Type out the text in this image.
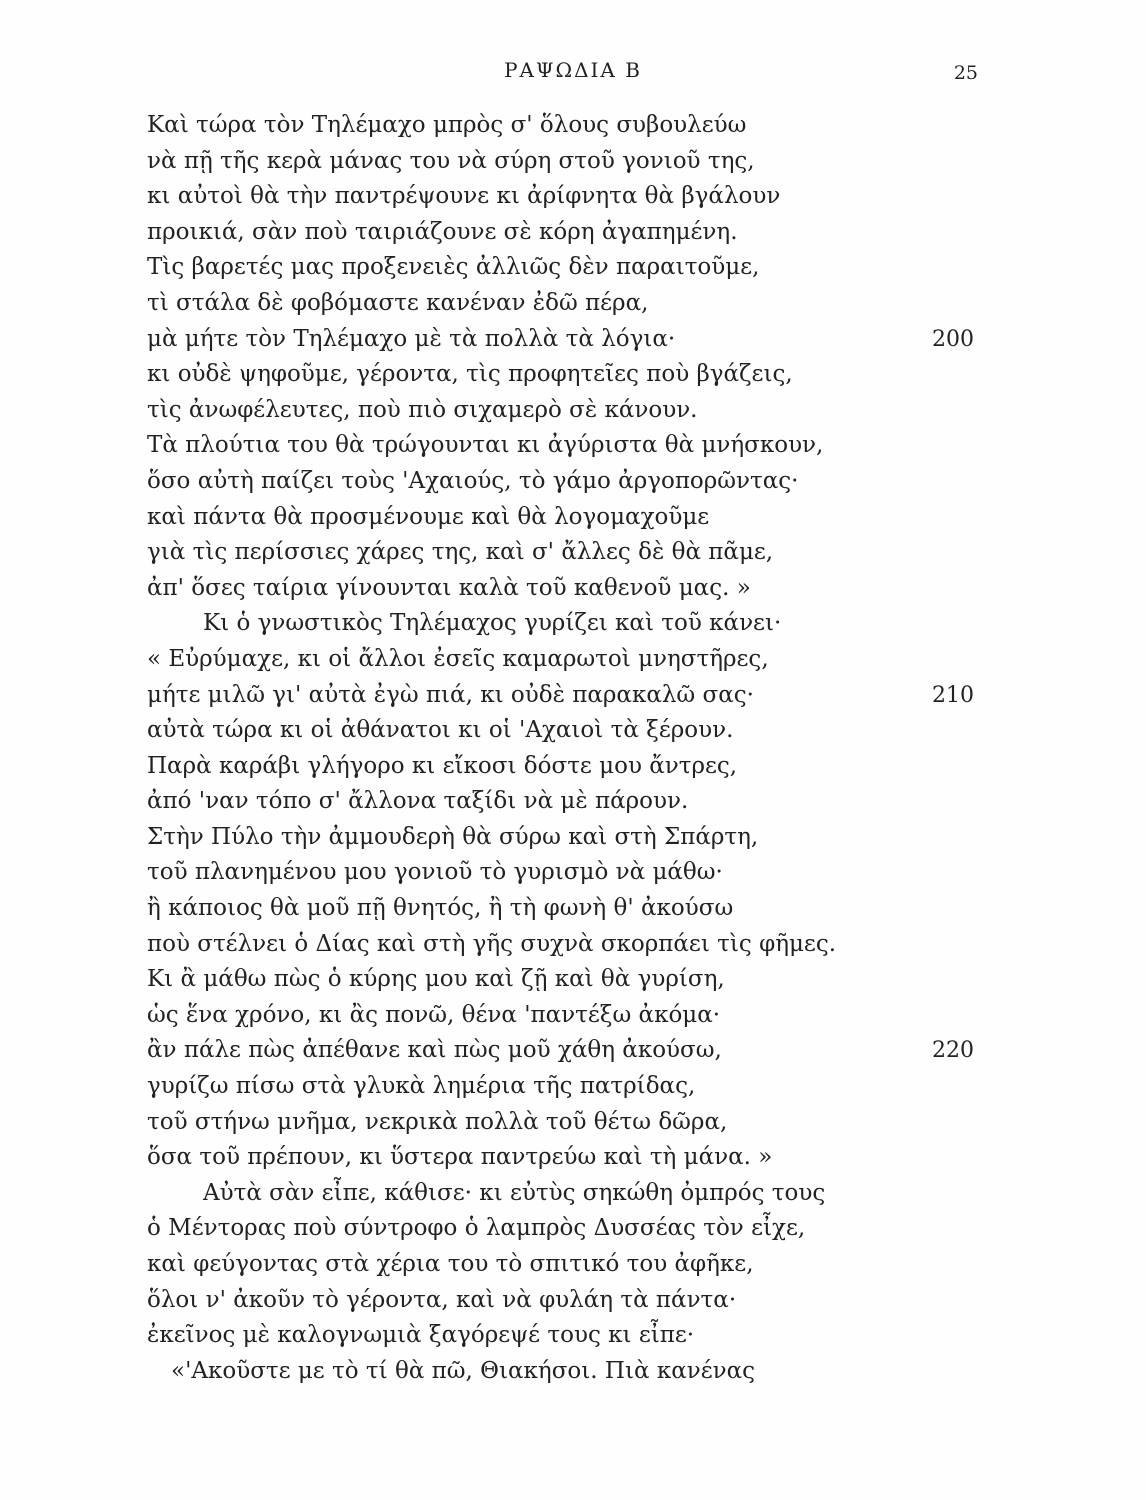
ΡΑΨΩΔΙΑ Β	25
Καὶ τώρα τὸν Τηλέμαχο μπρὸς σ' ὅλους συβουλεύω
νὰ πῇ τῆς κερὰ μάνας του νὰ σύρη στοῦ γονιοῦ της,
κι αὐτοὶ θὰ τὴν παντρέψουνε κι ἀρίφνητα θὰ βγάλουν
προικιά, σὰν ποὺ ταιριάζουνε σὲ κόρη ἀγαπημένη.
Τὶς βαρετές μας προξενειὲς ἀλλιῶς δὲν παραιτοῦμε,
τὶ στάλα δὲ φοβόμαστε κανέναν ἐδῶ πέρα,
μὰ μήτε τὸν Τηλέμαχο μὲ τὰ πολλὰ τὰ λόγια·	200
κι οὐδὲ ψηφοῦμε, γέροντα, τὶς προφητεῖες ποὺ βγάζεις,
τὶς ἀνωφέλευτες, ποὺ πιὸ σιχαμερὸ σὲ κάνουν.
Τὰ πλούτια του θὰ τρώγουνται κι ἀγύριστα θὰ μνήσκουν,
ὅσο αὐτὴ παίζει τοὺς 'Αχαιούς, τὸ γάμο ἀργοπορῶντας·
καὶ πάντα θὰ προσμένουμε καὶ θὰ λογομαχοῦμε
γιὰ τὶς περίσσιες χάρες της, καὶ σ' ἄλλες δὲ θὰ πᾶμε,
ἀπ' ὅσες ταίρια γίνουνται καλὰ τοῦ καθενοῦ μας. »
Κι ὁ γνωστικὸς Τηλέμαχος γυρίζει καὶ τοῦ κάνει·
« Εὐρύμαχε, κι οἱ ἄλλοι ἐσεῖς καμαρωτοὶ μνηστῆρες,
μήτε μιλῶ γι' αὐτὰ ἐγὼ πιά, κι οὐδὲ παρακαλῶ σας·	210
αὐτὰ τώρα κι οἱ ἀθάνατοι κι οἱ 'Αχαιοὶ τὰ ξέρουν.
Παρὰ καράβι γλήγορο κι εἴκοσι δόστε μου ἄντρες,
ἀπό 'ναν τόπο σ' ἄλλονα ταξίδι νὰ μὲ πάρουν.
Στὴν Πύλο τὴν ἀμμουδερὴ θὰ σύρω καὶ στὴ Σπάρτη,
τοῦ πλανημένου μου γονιοῦ τὸ γυρισμὸ νὰ μάθω·
ἢ κάποιος θὰ μοῦ πῇ θνητός, ἢ τὴ φωνὴ θ' ἀκούσω
ποὺ στέλνει ὁ Δίας καὶ στὴ γῆς συχνὰ σκορπάει τὶς φῆμες.
Κι ἂ μάθω πὼς ὁ κύρης μου καὶ ζῇ καὶ θὰ γυρίση,
ὡς ἕνα χρόνο, κι ἂς πονῶ, θένα 'παντέξω ἀκόμα·
ἂν πάλε πὼς ἀπέθανε καὶ πὼς μοῦ χάθη ἀκούσω,	220
γυρίζω πίσω στὰ γλυκὰ λημέρια τῆς πατρίδας,
τοῦ στήνω μνῆμα, νεκρικὰ πολλὰ τοῦ θέτω δῶρα,
ὅσα τοῦ πρέπουν, κι ὕστερα παντρεύω καὶ τὴ μάνα. »
Αὐτὰ σὰν εἶπε, κάθισε· κι εὐτὺς σηκώθη ὀμπρός τους
ὁ Μέντορας ποὺ σύντροφο ὁ λαμπρὸς Δυσσέας τὸν εἶχε,
καὶ φεύγοντας στὰ χέρια του τὸ σπιτικό του ἀφῆκε,
ὅλοι ν' ἀκοῦν τὸ γέροντα, καὶ νὰ φυλάη τὰ πάντα·
ἐκεῖνος μὲ καλογνωμιὰ ξαγόρεψέ τους κι εἶπε·
«'Ακοῦστε με τὸ τί θὰ πῶ, Θιακήσοι. Πιὰ κανένας
